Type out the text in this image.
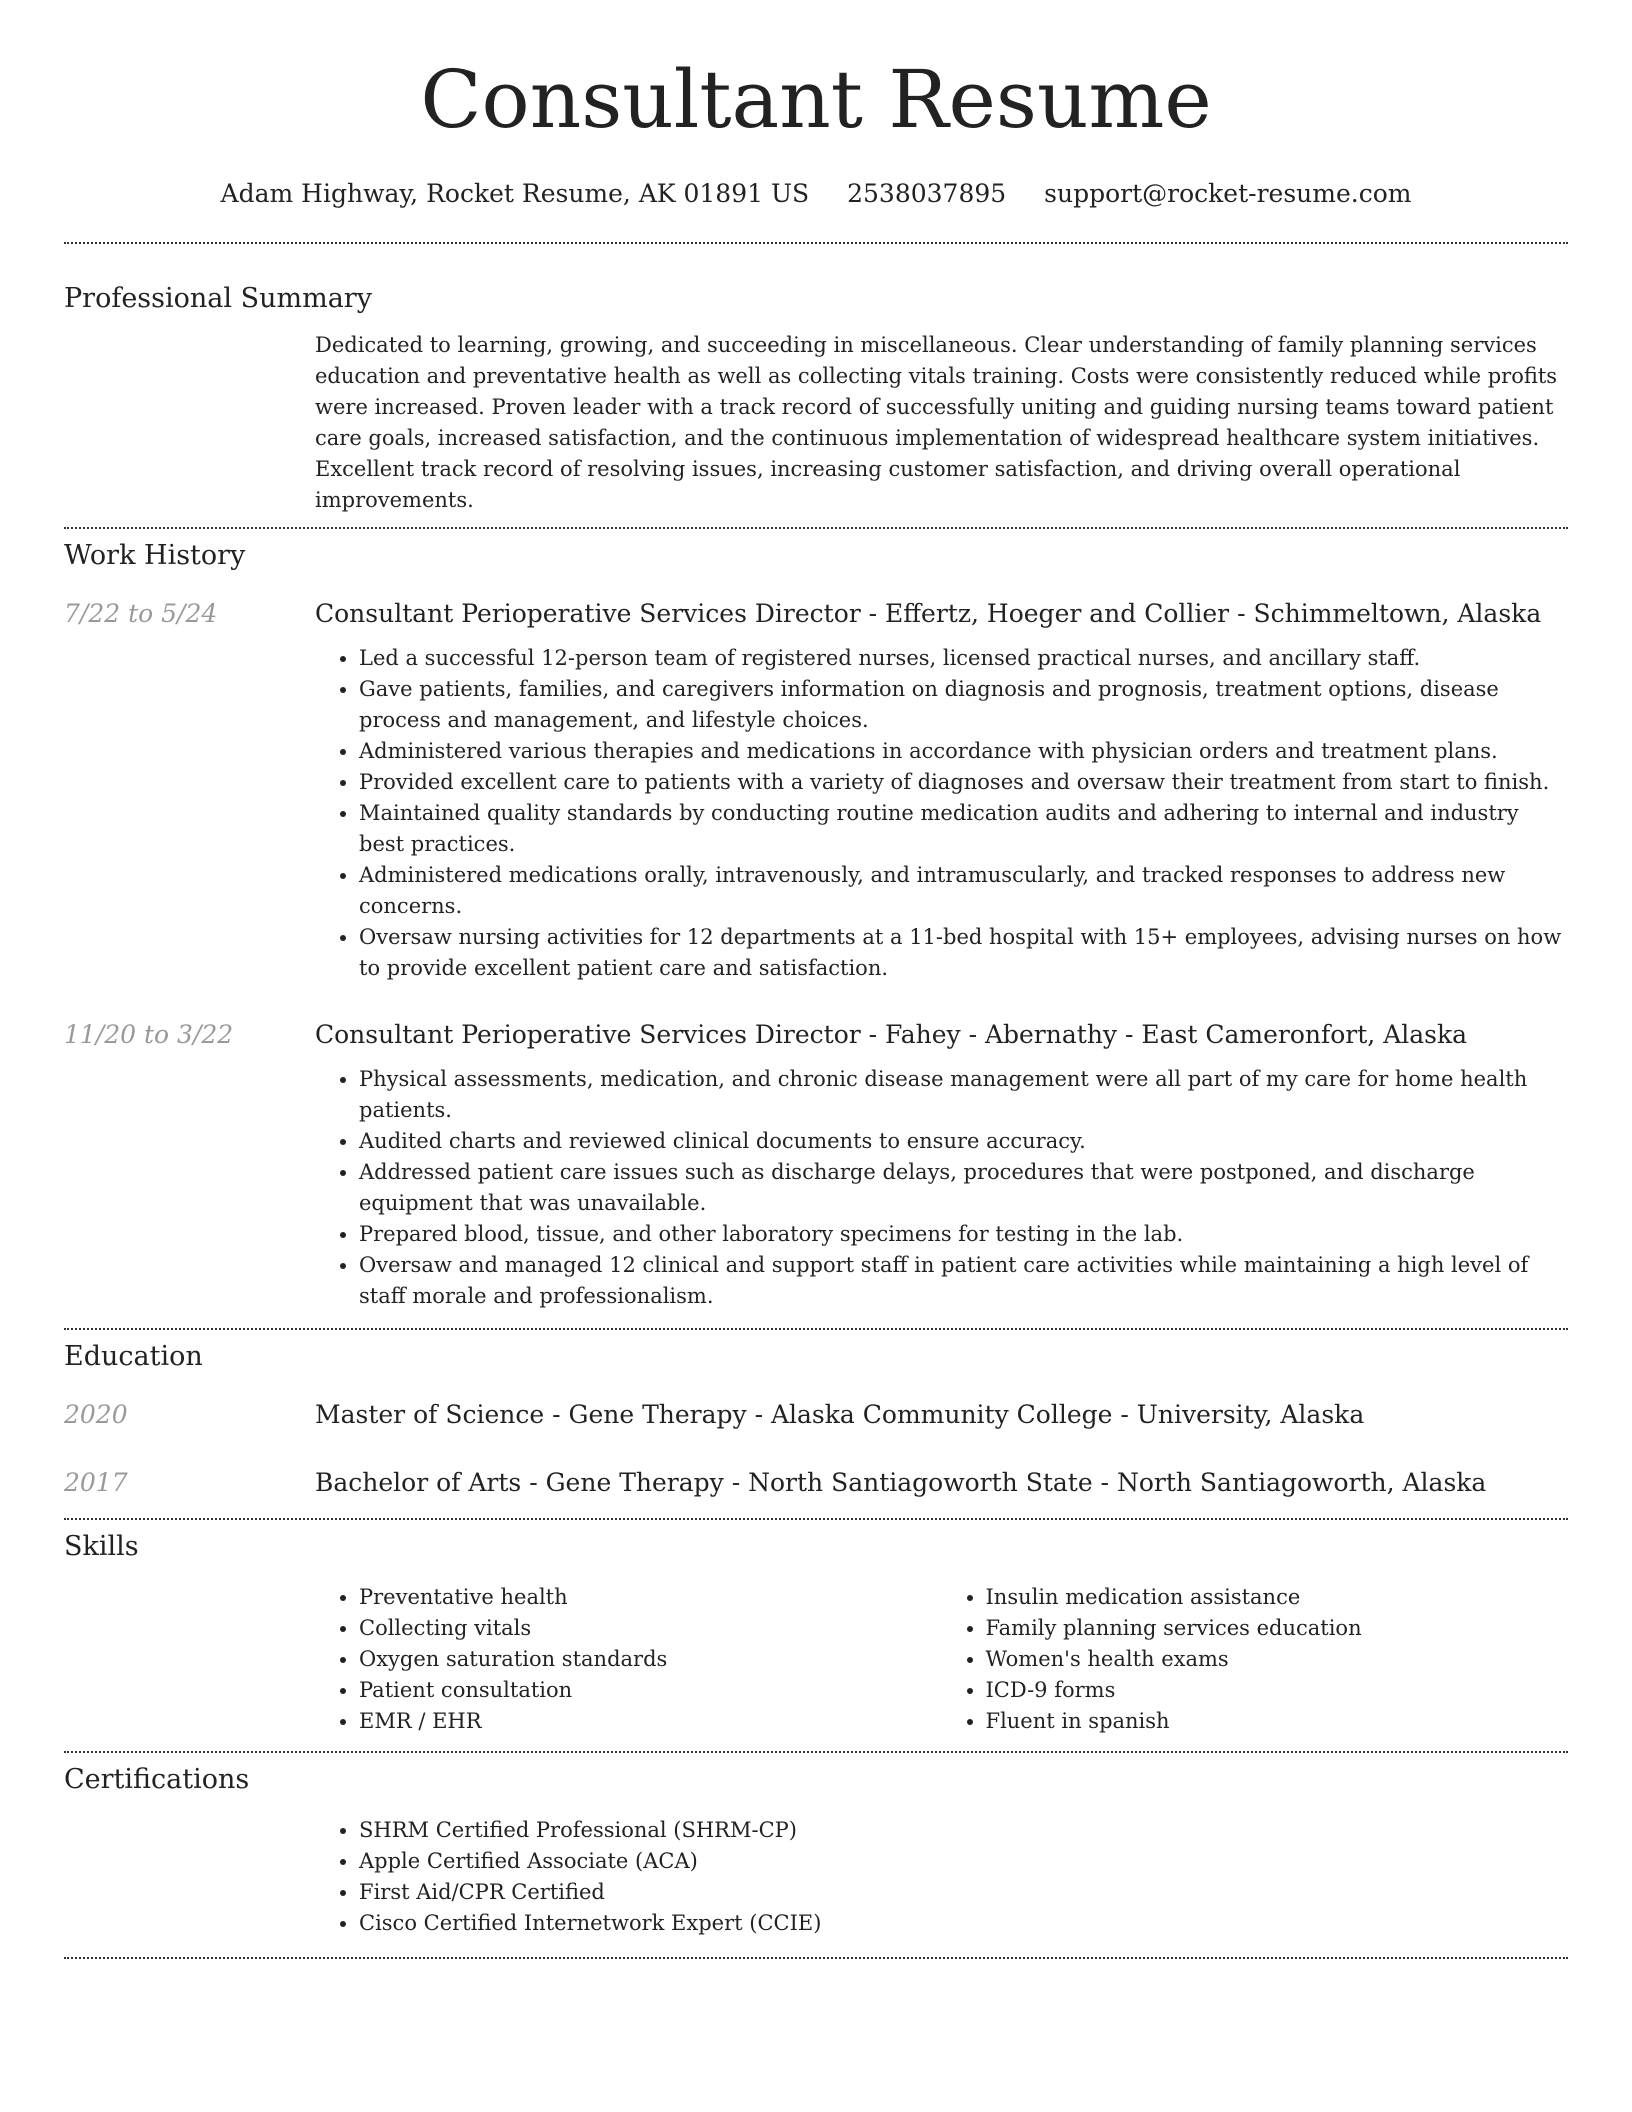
Consultant Resume
Adam Highway, Rocket Resume, AK 01891 US 2538037895 support@rocket-resume.com
Professional Summary
Dedicated to learning, growing, and succeeding in miscellaneous. Clear understanding of family planning services education and preventative health as well as collecting vitals training. Costs were consistently reduced while profits were increased. Proven leader with a track record of successfully uniting and guiding nursing teams toward patient care goals, increased satisfaction, and the continuous implementation of widespread healthcare system initiatives. Excellent track record of resolving issues, increasing customer satisfaction, and driving overall operational improvements.
Work History
7/22 to 5/24	Consultant Perioperative Services Director - Effertz, Hoeger and Collier - Schimmeltown, Alaska
• Led a successful 12-person team of registered nurses, licensed practical nurses, and ancillary staff.
• Gave patients, families, and caregivers information on diagnosis and prognosis, treatment options, disease process and management, and lifestyle choices.
• Administered various therapies and medications in accordance with physician orders and treatment plans.
• Provided excellent care to patients with a variety of diagnoses and oversaw their treatment from start to finish.
• Maintained quality standards by conducting routine medication audits and adhering to internal and industry best practices.
• Administered medications orally, intravenously, and intramuscularly, and tracked responses to address new concerns.
• Oversaw nursing activities for 12 departments at a 11-bed hospital with 15+ employees, advising nurses on how to provide excellent patient care and satisfaction.
11/20 to 3/22	Consultant Perioperative Services Director - Fahey - Abernathy - East Cameronfort, Alaska
• Physical assessments, medication, and chronic disease management were all part of my care for home health patients.
• Audited charts and reviewed clinical documents to ensure accuracy.
• Addressed patient care issues such as discharge delays, procedures that were postponed, and discharge equipment that was unavailable.
• Prepared blood, tissue, and other laboratory specimens for testing in the lab.
• Oversaw and managed 12 clinical and support staff in patient care activities while maintaining a high level of staff morale and professionalism.
Education
2020	Master of Science - Gene Therapy - Alaska Community College - University, Alaska
2017	Bachelor of Arts - Gene Therapy - North Santiagoworth State - North Santiagoworth, Alaska
Skills
• Preventative health
• Collecting vitals
• Oxygen saturation standards
• Patient consultation
• EMR / EHR
• Insulin medication assistance
• Family planning services education
• Women's health exams
• ICD-9 forms
• Fluent in spanish
Certifications
• SHRM Certified Professional (SHRM-CP)
• Apple Certified Associate (ACA)
• First Aid/CPR Certified
• Cisco Certified Internetwork Expert (CCIE)
